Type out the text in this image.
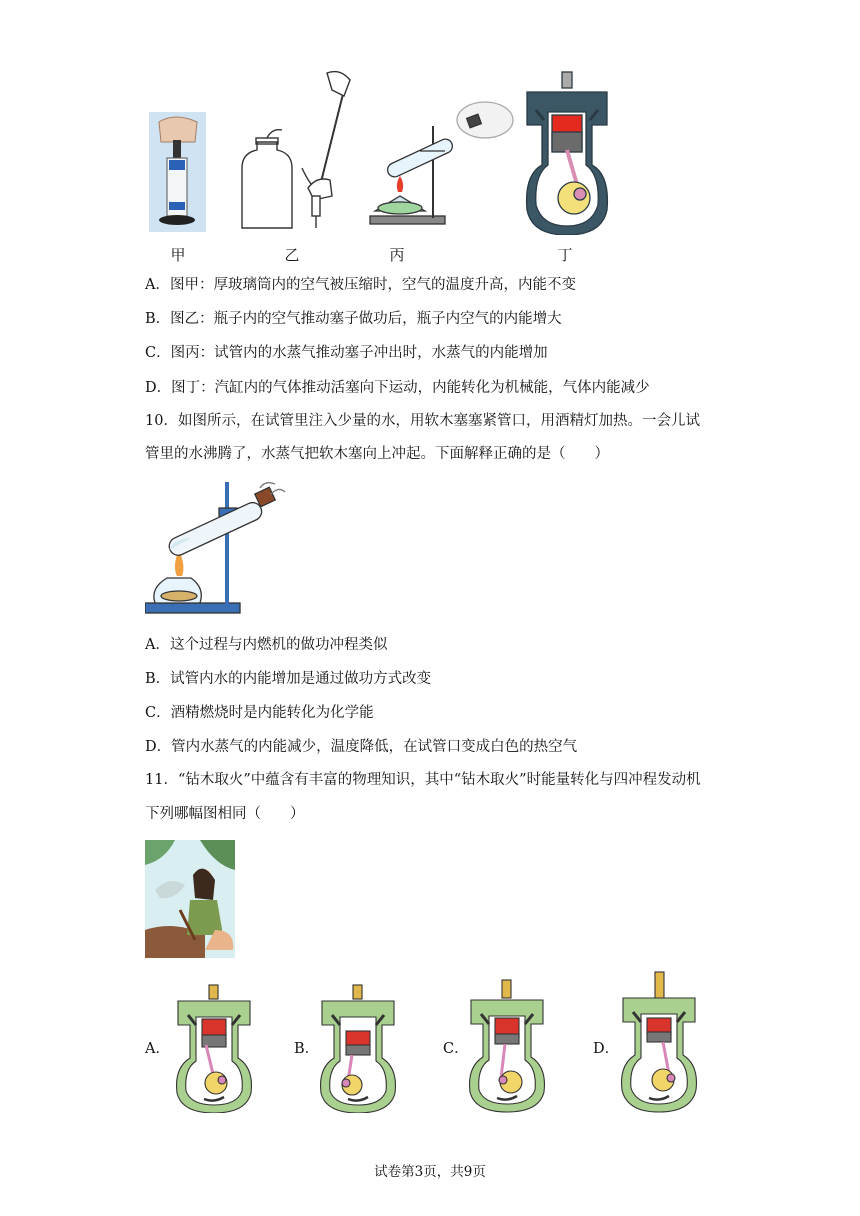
甲	乙	丙	丁
A．图甲：厚玻璃筒内的空气被压缩时，空气的温度升高，内能不变
B．图乙：瓶子内的空气推动塞子做功后，瓶子内空气的内能增大
C．图丙：试管内的水蒸气推动塞子冲出时，水蒸气的内能增加
D．图丁：汽缸内的气体推动活塞向下运动，内能转化为机械能，气体内能减少
10．如图所示，在试管里注入少量的水，用软木塞塞紧管口，用酒精灯加热。一会儿试
管里的水沸腾了，水蒸气把软木塞向上冲起。下面解释正确的是（　　）
A．这个过程与内燃机的做功冲程类似
B．试管内水的内能增加是通过做功方式改变
C．酒精燃烧时是内能转化为化学能
D．管内水蒸气的内能减少，温度降低，在试管口变成白色的热空气
11．“钻木取火”中蕴含有丰富的物理知识，其中“钻木取火”时能量转化与四冲程发动机
下列哪幅图相同（　　）
A．	B．	C．	D．
试卷第3页，共9页
